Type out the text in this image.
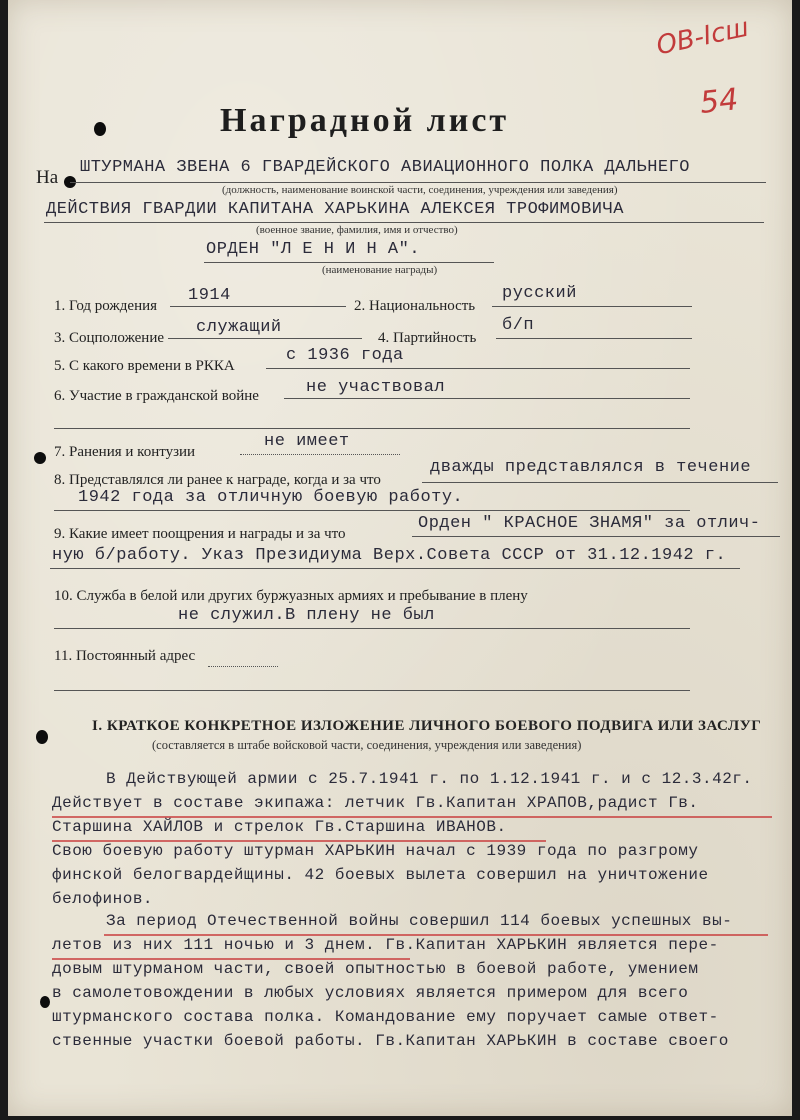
ОВ-Iсш
54
Наградной лист
На ШТУРМАНА ЗВЕНА 6 ГВАРДЕЙСКОГО АВИАЦИОННОГО ПОЛКА ДАЛЬНЕГО
(должность, наименование воинской части, соединения, учреждения или заведения)
ДЕЙСТВИЯ ГВАРДИИ КАПИТАНА ХАРЬКИНА АЛЕКСЕЯ ТРОФИМОВИЧА
(военное звание, фамилия, имя и отчество)
ОРДЕН "Л Е Н И Н А".
(наименование награды)
1. Год рождения
1914
2. Национальность
русский
3. Соцположение
служащий
4. Партийность
б/п
5. С какого времени в РККА
с 1936 года
6. Участие в гражданской войне	не участвовал
7. Ранения и контузии
не имеет
8. Представлялся ли ранее к награде, когда и за что
дважды представлялся в течение
1942 года за отличную боевую работу.
9. Какие имеет поощрения и награды и за что
Орден " КРАСНОЕ ЗНАМЯ" за отлич-
ную б/работу. Указ Президиума Верх.Совета СССР от 31.12.1942 г.
10. Служба в белой или других буржуазных армиях и пребывание в плену
не служил.В плену не был
11. Постоянный адрес
I. КРАТКОЕ КОНКРЕТНОЕ ИЗЛОЖЕНИЕ ЛИЧНОГО БОЕВОГО ПОДВИГА ИЛИ ЗАСЛУГ
(составляется в штабе войсковой части, соединения, учреждения или заведения)
В Действующей армии с 25.7.1941 г. по 1.12.1941 г. и с 12.3.42г.
Действует в составе экипажа: летчик Гв.Капитан ХРАПОВ,радист Гв.
Старшина ХАЙЛОВ и стрелок Гв.Старшина ИВАНОВ.
Свою боевую работу штурман ХАРЬКИН начал с 1939 года по разгрому
финской белогвардейщины. 42 боевых вылета совершил на уничтожение
белофинов.
За период Отечественной войны совершил 114 боевых успешных вы-
летов из них 111 ночью и 3 днем. Гв.Капитан ХАРЬКИН является пере-
довым штурманом части, своей опытностью в боевой работе, умением
в самолетовождении в любых условиях является примером для всего
штурманского состава полка. Командование ему поручает самые ответ-
ственные участки боевой работы. Гв.Капитан ХАРЬКИН в составе своего
